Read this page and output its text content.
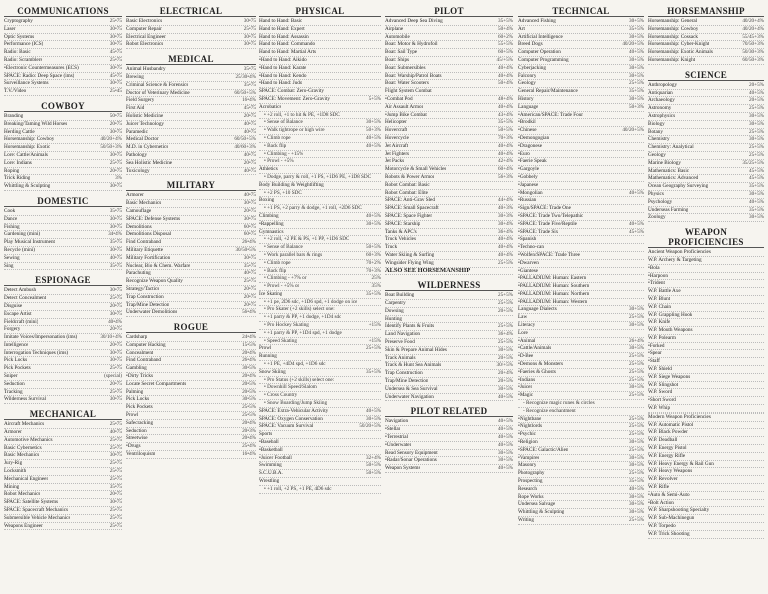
COMMUNICATIONS
Cryptography	25•75
Laser	30•75
Optic Systems	30•75
Performance (ICS)	30•75
Radio: Basic	45•75
Radio: Scramblers	25•75
•Electronic Countermeasures (ECS)	30•75
SPACE: Radio: Deep Space (ims)	45•75
Surveillance Systems	30•75
T.V./Video	25•45
COWBOY
Branding	50•75
Breaking/Taming Wild Horses	20•75
Herding Cattle	30•75
Horsemanship: Cowboy	40/20+4%
Horsemanship: Exotic	50/50+3%
Lore: Cattle/Animals	30•75
Lore: Indians	25•75
Roping	20•75
Trick Riding	3%
Whittling & Sculpting	30•75
DOMESTIC
Cook	35•75
Dance	30•75
Fishing	30•75
Gardening (mini)	34•4%
Play Musical Instrument	35•75
Recycle (mini)	30•75
Sewing	40•75
Sing	35•75
ESPIONAGE
Detect Ambush	30•75
Detect Concealment	25•75
Disguise	20•75
Escape Artist	30•75
Fieldcraft (mini)	40•4%
Forgery	20•75
Imitate Voices/Impersonation (ims)	30/10+4%
Intelligence	20•75
Interrogation Techniques (ims)	30•75
Pick Locks	30•75
Pick Pockets	25•75
Sniper	(special)
Seduction	20•75
Tracking	25•75
Wilderness Survival	30•75
MECHANICAL
Aircraft Mechanics	25•75
Armorer	40•75
Automotive Mechanics	25•75
Basic Cybernetics	25•75
Basic Mechanics	30•75
Jury-Rig	25•75
Locksmith	25•75
Mechanical Engineer	25•75
Mining	35•75
Robot Mechanics	20•75
SPACE: Satellite Systems	30•75
SPACE: Spacecraft Mechanics	25•75
Submersible Vehicle Mechanics	25•75
Weapons Engineer	25•75
ELECTRICAL
Basic Electronics	30•75
Computer Repair	25•75
Electrical Engineer	30•75
Robot Electronics	30•75
MEDICAL
Animal Husbandry	35•75
Brewing	25/30•4%
Criminal Science & Forensics	35•75
Doctor of Veterinary Medicine	60/50+5%
Field Surgery	16•4%
First Aid	45•75
Holistic Medicine	20•75
Juicer Technology	40•75
Paramedic	40•75
Medical Doctor	60/50+5%
M.D. in Cybernetics	40/60+3%
Pathology	40•75
Sea Holistic Medicine	20•75
Toxicology	40•75
MILITARY
Armorer	40•75
Basic Mechanics	30•75
Camouflage	20•75
SPACE: Defense Systems	30•75
Demolitions	60•75
Demolitions Disposal	60•75
Find Contraband	26•4%
Military Etiquette	30/50•5%
Military Fortification	30•75
Nuclear, Bio & Chem. Warfare	35•75
Parachuting	40•75
Recognize Weapon Quality	25•75
Strategy/Tactics	20•75
Trap Construction	20•75
Trap/Mine Detection	20•75
Underwater Demolitions	56•4%
ROGUE
Cardsharp	24•4%
Computer Hacking	15•5%
Concealment	20•4%
Find Contraband	26•4%
Gambling	30•5%
•Dirty Tricks	20•4%
Locate Secret Compartments	20•5%
Palming	20•5%
Pick Locks	30•5%
Pick Pockets	25•5%
Prowl	25•5%
Safecracking	20•4%
Seduction	20•3%
Streetwise	20•4%
•Drugs	25•4%
Ventriloquism	16•4%
PHYSICAL
Hand to Hand: Basic
Hand to Hand: Expert
Hand to Hand: Assassin
Hand to Hand: Commando
Hand to Hand: Martial Arts
•Hand to Hand: Aikido
•Hand to Hand: Karate
•Hand to Hand: Kendo
•Hand to Hand: Judo
SPACE: Combat: Zero-Gravity
SPACE: Movement: Zero-Gravity	5+5%
Acrobatics
• +2 roll, +1 to hit & PE, +1D8 SDC
• Sense of Balance	30+5%
• Walk tightrope or high wire	50+3%
• Climb rope	40+5%
• Back flip	40+5%
• Climbing - +15%
• Prowl - +5%
Athletics
• Dodge, parry & roll, +1 PS, +1D6 PE, +1D8 SDC
Body Building & Weightlifting
• +2 PS, +10 SDC
Boxing
• +1 PS, +2 parry & dodge, +1 roll, +2D6 SDC
Climbing	40+5%
•Rappelling	30+5%
Gymnastics
• +2 roll, +2 PE & PS, +1 PP, +1D6 SDC
• Sense of Balance	50+5%
• Work parallel bars & rings	60+3%
• Climb rope	70+2%
• Back flip	70+3%
• Climbing - +7% or	25%
• Prowl - +5% or	35%
Ice Skating	35+5%
• +1 pe, 2D6 sdc, +1D6 spd, +1 dodge on ice
• Pro Skater (+2 skills) select one:
• +1 parry & PP, +1 dodge, +1D4 sdc
• Pro Hockey Skating	+15%
• +1 parry & PP, +1D4 spd, +1 dodge
• Speed Skating	+15%
Prowl	25+5%
Running
• +1 PE, +4D4 spd, +1D6 sdc
Snow Skiing	35+5%
• Pro Status (+2 skills) select one:
• Downhill Speed/Slalom
• Cross Country
• Snow Boarding/Jump Skiing
SPACE: Extra-Vehicular Activity	40+5%
SPACE: Oxygen Conservation	30+5%
SPACE: Vacuum Survival	50/20+5%
Sports
•Baseball
•Basketball
•Juicer Football	32+4%
Swimming	50+5%
S.C.U.B.A.	50+5%
Wrestling
• +1 roll, +2 PS, +1 PE, 4D6 sdc
PILOT
Advanced Deep Sea Diving	35+5%
Airplane	50+4%
Automobile	60+2%
Boat: Motor & Hydrofoil	55+5%
Boat: Sail Type	60+5%
Boat: Ships	45/+5%
Boat: Submersibles	40+4%
Boat: Warship/Patrol Boats	40+4%
Boat: Water Scooters	50+4%
Flight System Combat
•Combat Pod	48+4%
Air Assault Armor	40+4%
•Jump Bike Combat	43+4%
Helicopter	35+5%
Hovercraft	50+5%
Hovercycle	70+3%
Jet Aircraft	40+4%
Jet Fighters	40+4%
Jet Packs	42+4%
Motorcycle & Small Vehicles	60+4%
Robots & Power Armor	56+3%
Robot Combat: Basic
Robot Combat: Elite
SPACE: Anti-Grav Sled	44+4%
SPACE: Small Spacecraft	40+3%
SPACE: Space Fighter	30+3%
SPACE: Starship	30+4%
Tanks & APC's	36+4%
Truck Vehicles	40+4%
Truck	40+4%
Water Skiing & Surfing	40+4%
Wingsider Flying Wing	25+5%
ALSO SEE HORSEMANSHIP
WILDERNESS
Boat Building	25+5%
Carpentry	25+5%
Dowsing	20+5%
Hunting
Identify Plants & Fruits	25+5%
Land Navigation	36+4%
Preserve Food	25+5%
Skin & Prepare Animal Hides	30+5%
Track Animals	20+5%
Track & Hunt Sea Animals	30/+5%
Trap Construction	20+4%
Trap/Mine Detection	20+5%
Undersea & Sea Survival	30+5%
Underwater Navigation	40+5%
PILOT RELATED
Navigation	40+5%
•Stellar	40+5%
•Terrestrial	40+5%
•Underwater	40+5%
Read Sensory Equipment	30+5%
•Radar/Sonar Operations	30+5%
Weapon Systems	40+5%
TECHNICAL
Advanced Fishing	30+5%
Art	35+5%
Artificial Intelligence	30+5%
Breed Dogs	40/20+5%
Computer Operation	40+5%
Computer Programming	30+5%
Cyberjacking	30+5%
Falconry	30+5%
Geology	25+5%
General Repair/Maintenance	35+5%
History	30+5%
Language	50+3%
•American/SPACE: Trade Four
•Brodkil
•Chinese	40/20+5%
•Demongogian
•Dragonese
•Euro
•Faerie Speak
•Gargoyle
•Gobbely
•Japanese
•Mongolian	40+5%
•Russian
•Sign/SPACE: Trade One
•SPACE: Trade Two/Telepathic
•SPACE: Trade Five/Reptile	40+5%
•SPACE: Trade Six	45+5%
•Spanish
•Techno-can
•Wolfen/SPACE: Trade Three
•Dwarven
•Giantese
•PALLADIUM: Human: Eastern
•PALLADIUM: Human: Southern
•PALLADIUM: Human: Northern
•PALLADIUM: Human: Western
Language Dialects	30+5%
Law	25+5%
Literacy	30+5%
Lore
•Animal	26+4%
•Cattle/Animals	30+5%
•D-Bee	25+5%
•Demons & Monsters	25+5%
•Faeries & Ghosts	25+5%
•Indians	25+5%
•Juicer	30+5%
•Magic	25+5%
- Recognize magic runes & circles
- Recognize enchantment
•Nightbane	25+5%
•Nightlords	25+5%
•Psychic	25+5%
•Religion	30+5%
•SPACE: Galactic/Alien	25+5%
•Vampires	30+5%
Masonry	30+5%
Photography	25+5%
Prospecting	35+5%
Research	40+5%
Rope Works	30+5%
Undersea Salvage	30+5%
Whittling & Sculpting	30+5%
Writing	25+5%
HORSEMANSHIP
Horsemanship: General	40/20+4%
Horsemanship: Cowboy	40/20+4%
Horsemanship: Cossack	55/45+3%
Horsemanship: Cyber-Knight	70/50+3%
Horsemanship: Exotic Animals	50/30+3%
Horsemanship: Knight	60/50+3%
SCIENCE
Anthropology	20+5%
Antiquarian	40+5%
Archaeology	20+5%
Astronomy	25+5%
Astrophysics	30+5%
Biology	30+5%
Botany	25+5%
Chemistry	30+5%
Chemistry: Analytical	25+5%
Geology	25+5%
Marine Biology	35/25+5%
Mathematics: Basic	45+5%
Mathematics: Advanced	45+5%
Ocean Geography Surveying	35+5%
Physics	30+5%
Psychology	40+5%
Underseas Farming	35+5%
Zoology	30+5%
WEAPON PROFICIENCIES
Ancient Weapon Proficiencies
W.P. Archery & Targeting
•Bola
•Harpoon
•Trident
W.P. Battle Axe
W.P. Blunt
W.P. Chain
W.P. Grappling Hook
W.P. Knife
W.P. Mouth Weapons
W.P. Polearm
•Forked
•Spear
•Staff
W.P. Shield
W.P. Siege Weapons
W.P. Slingshot
W.P. Sword
•Short Sword
W.P. Whip
Modern Weapon Proficiencies
W.P. Automatic Pistol
W.P. Black Powder
W.P. Deadball
W.P. Energy Pistol
W.P. Energy Rifle
W.P. Heavy Energy & Rail Gun
W.P. Heavy Weapons
W.P. Revolver
W.P. Rifle
•Auto & Semi-Auto
•Bolt Action
W.P. Sharpshooting Specialty
W.P. Sub-Machinegun
W.P. Torpedo
W.P. Trick Shooting
